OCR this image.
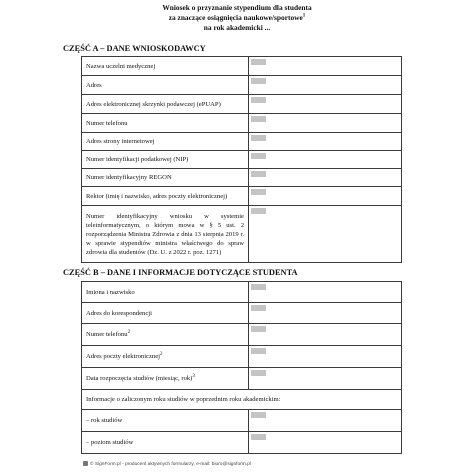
Wniosek o przyznanie stypendium dla studenta
za znaczące osiągnięcia naukowe/sportowe$^1$
na rok akademicki ...
CZĘŚĆ A – DANE WNIOSKODAWCY
Nazwa uczelni medycznej	

Adres	

Adres elektronicznej skrzynki podawczej (ePUAP)	

Numer telefonu	

Adres strony internetowej	

Numer identyfikacji podatkowej (NIP)	

Numer identyfikacyjny REGON	

Rektor (imię i nazwisko, adres poczty elektronicznej)	

Numer identyfikacyjny wniosku w systemie teleinformatycznym, o którym mowa w § 5 ust. 2 rozporządzenia Ministra Zdrowia z dnia 13 sierpnia 2019 r. w sprawie stypendiów ministra właściwego do spraw zdrowia dla studentów (Dz. U. z 2022 r. poz. 1271)	
CZĘŚĆ B – DANE I INFORMACJE DOTYCZĄCE STUDENTA
Imiona i nazwisko	

Adres do korespondencji	

Numer telefonu$^2$	

Adres poczty elektronicznej$^2$	

Data rozpoczęcia studiów (miesiąc, rok)$^3$	

Informacje o zaliczonym roku studiów w poprzednim roku akademickim:	
– rok studiów	

– poziom studiów	
© SignForm.pl - producent aktywnych formularzy, e-mail: biuro@signform.pl
